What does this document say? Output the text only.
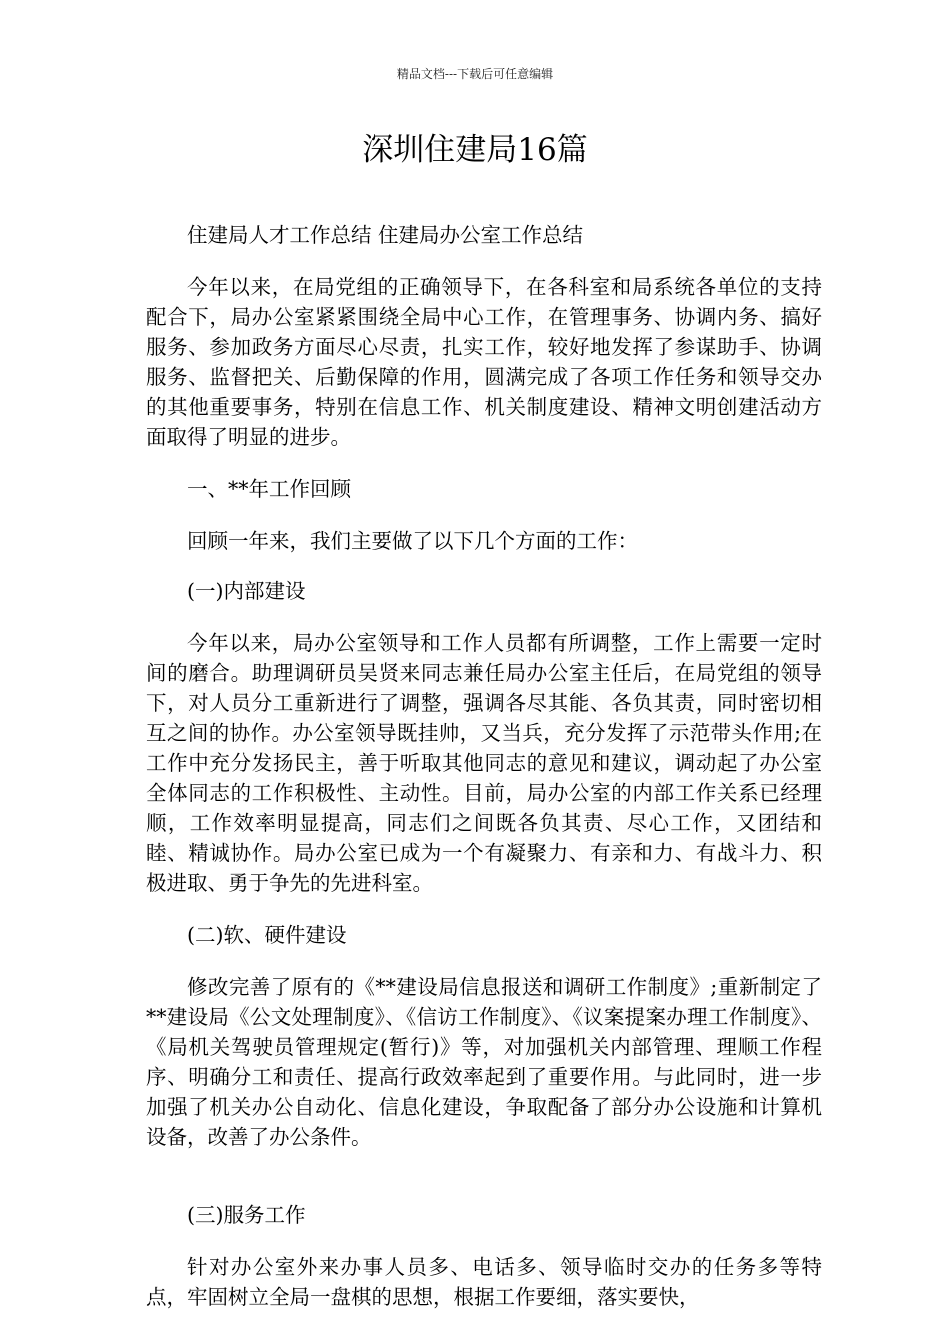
精品文档---下载后可任意编辑
深圳住建局16篇

住建局人才工作总结 住建局办公室工作总结

今年以来，在局党组的正确领导下，在各科室和局系统各单位的支持配合下，局办公室紧紧围绕全局中心工作，在管理事务、协调内务、搞好服务、参加政务方面尽心尽责，扎实工作，较好地发挥了参谋助手、协调服务、监督把关、后勤保障的作用，圆满完成了各项工作任务和领导交办的其他重要事务，特别在信息工作、机关制度建设、精神文明创建活动方面取得了明显的进步。

一、**年工作回顾

回顾一年来，我们主要做了以下几个方面的工作：

(一)内部建设

今年以来，局办公室领导和工作人员都有所调整，工作上需要一定时间的磨合。助理调研员吴贤来同志兼任局办公室主任后，在局党组的领导下，对人员分工重新进行了调整，强调各尽其能、各负其责，同时密切相互之间的协作。办公室领导既挂帅，又当兵，充分发挥了示范带头作用;在工作中充分发扬民主，善于听取其他同志的意见和建议，调动起了办公室全体同志的工作积极性、主动性。目前，局办公室的内部工作关系已经理顺，工作效率明显提高，同志们之间既各负其责、尽心工作，又团结和睦、精诚协作。局办公室已成为一个有凝聚力、有亲和力、有战斗力、积极进取、勇于争先的先进科室。

(二)软、硬件建设

修改完善了原有的《**建设局信息报送和调研工作制度》;重新制定了**建设局《公文处理制度》、《信访工作制度》、《议案提案办理工作制度》、《局机关驾驶员管理规定(暂行)》等，对加强机关内部管理、理顺工作程序、明确分工和责任、提高行政效率起到了重要作用。与此同时，进一步加强了机关办公自动化、信息化建设，争取配备了部分办公设施和计算机设备，改善了办公条件。

(三)服务工作

针对办公室外来办事人员多、电话多、领导临时交办的任务多等特点，牢固树立全局一盘棋的思想，根据工作要细，落实要快，
